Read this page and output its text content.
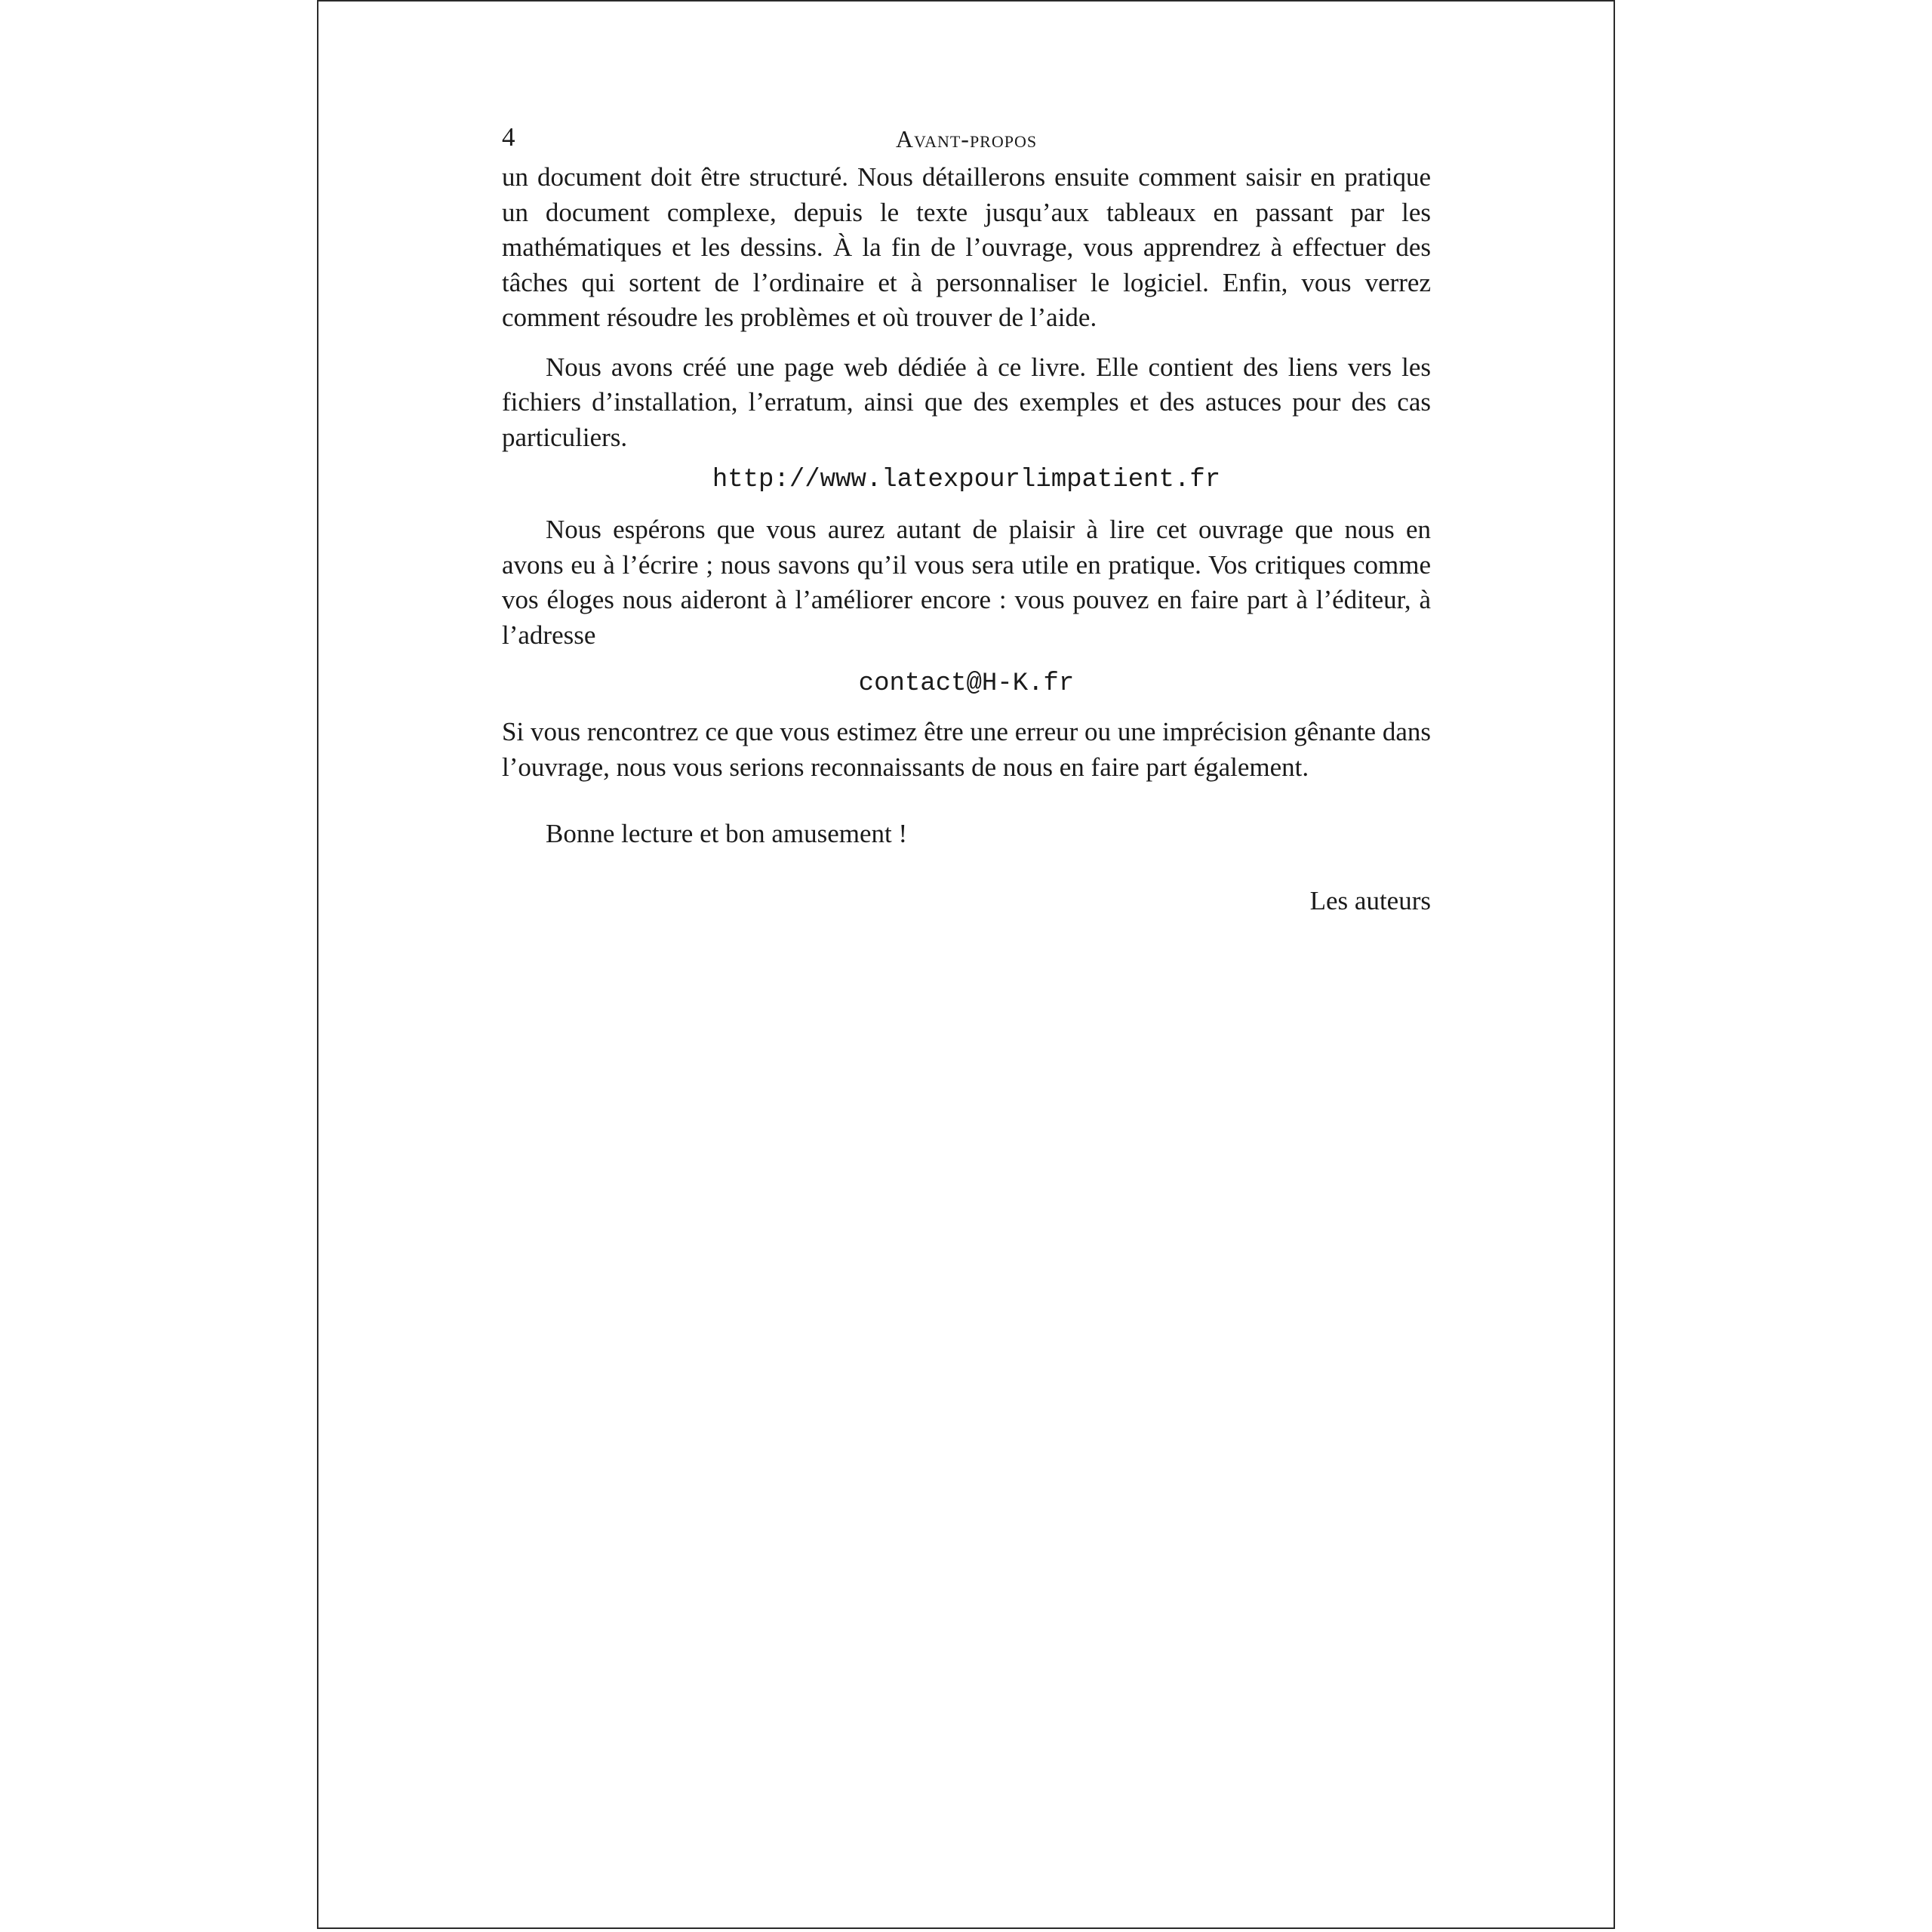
4	Avant-propos

un document doit être structuré. Nous détaillerons ensuite comment saisir en pratique un document complexe, depuis le texte jusqu’aux tableaux en passant par les mathématiques et les dessins. À la fin de l’ouvrage, vous apprendrez à effectuer des tâches qui sortent de l’ordinaire et à personnaliser le logiciel. Enfin, vous verrez comment résoudre les problèmes et où trouver de l’aide.

Nous avons créé une page web dédiée à ce livre. Elle contient des liens vers les fichiers d’installation, l’erratum, ainsi que des exemples et des astuces pour des cas particuliers.

http://www.latexpourlimpatient.fr

Nous espérons que vous aurez autant de plaisir à lire cet ouvrage que nous en avons eu à l’écrire ; nous savons qu’il vous sera utile en pratique. Vos critiques comme vos éloges nous aideront à l’améliorer encore : vous pouvez en faire part à l’éditeur, à l’adresse

contact@H-K.fr

Si vous rencontrez ce que vous estimez être une erreur ou une imprécision gênante dans l’ouvrage, nous vous serions reconnaissants de nous en faire part également.

Bonne lecture et bon amusement !

Les auteurs
